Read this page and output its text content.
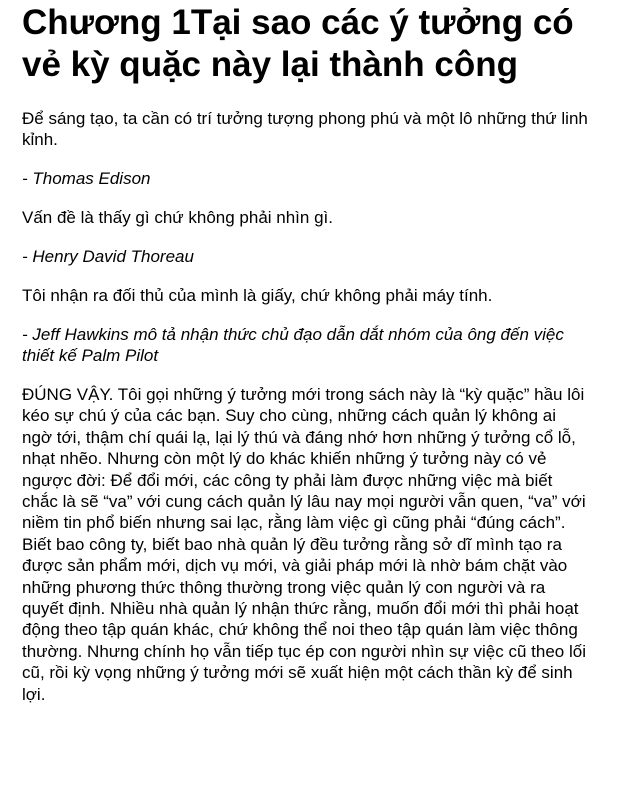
Chương 1Tại sao các ý tưởng có vẻ kỳ quặc này lại thành công

Để sáng tạo, ta cần có trí tưởng tượng phong phú và một lô những thứ linh kỉnh.

- Thomas Edison

Vấn đề là thấy gì chứ không phải nhìn gì.

- Henry David Thoreau

Tôi nhận ra đối thủ của mình là giấy, chứ không phải máy tính.

- Jeff Hawkins mô tả nhận thức chủ đạo dẫn dắt nhóm của ông đến việc thiết kế Palm Pilot

ĐÚNG VẬY. Tôi gọi những ý tưởng mới trong sách này là “kỳ quặc” hầu lôi kéo sự chú ý của các bạn. Suy cho cùng, những cách quản lý không ai ngờ tới, thậm chí quái lạ, lại lý thú và đáng nhớ hơn những ý tưởng cổ lỗ, nhạt nhẽo. Nhưng còn một lý do khác khiến những ý tưởng này có vẻ ngược đời: Để đổi mới, các công ty phải làm được những việc mà biết chắc là sẽ “va” với cung cách quản lý lâu nay mọi người vẫn quen, “va” với niềm tin phổ biến nhưng sai lạc, rằng làm việc gì cũng phải “đúng cách”. Biết bao công ty, biết bao nhà quản lý đều tưởng rằng sở dĩ mình tạo ra được sản phẩm mới, dịch vụ mới, và giải pháp mới là nhờ bám chặt vào những phương thức thông thường trong việc quản lý con người và ra quyết định. Nhiều nhà quản lý nhận thức rằng, muốn đổi mới thì phải hoạt động theo tập quán khác, chứ không thể noi theo tập quán làm việc thông thường. Nhưng chính họ vẫn tiếp tục ép con người nhìn sự việc cũ theo lối cũ, rồi kỳ vọng những ý tưởng mới sẽ xuất hiện một cách thần kỳ để sinh lợi.
